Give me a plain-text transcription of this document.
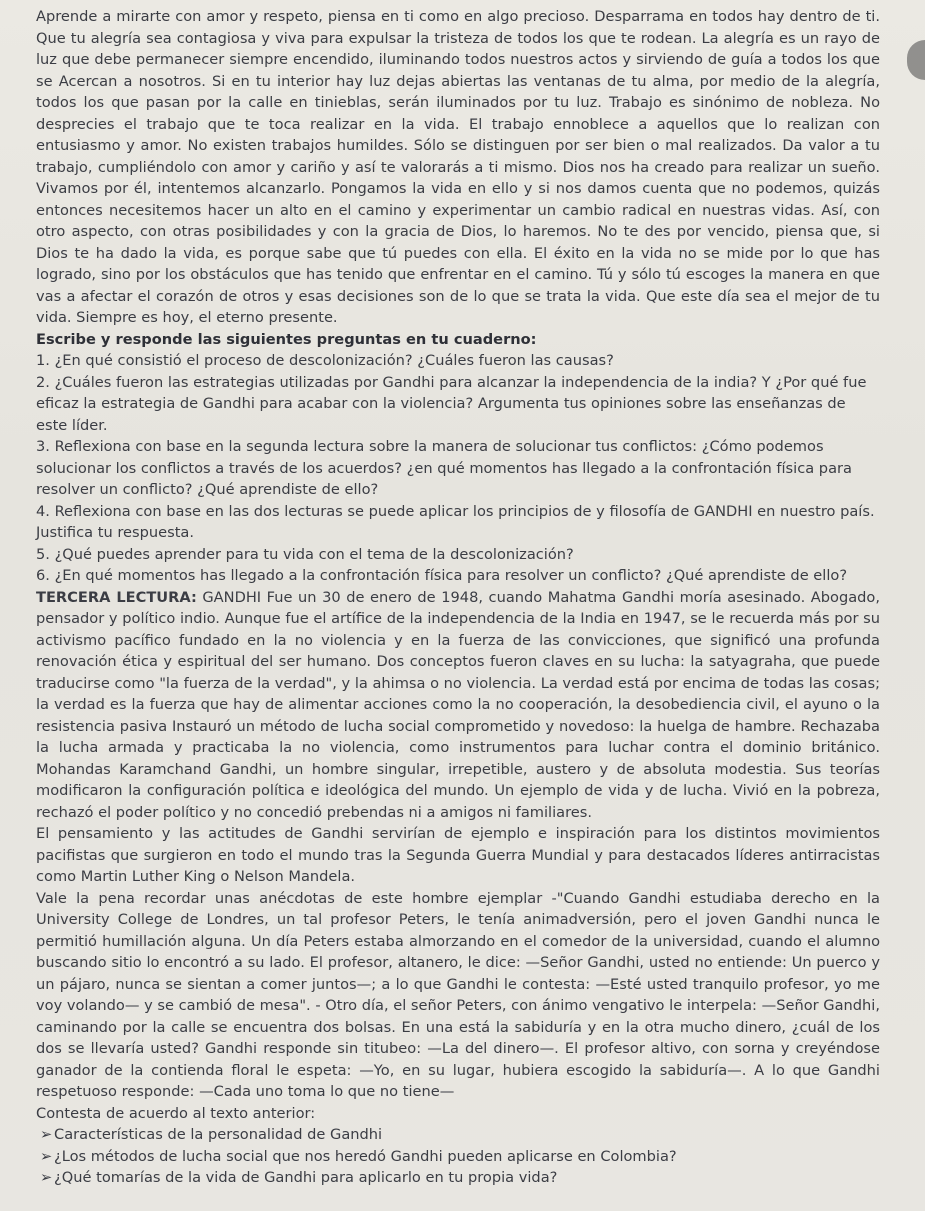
Aprende a mirarte con amor y respeto, piensa en ti como en algo precioso. Desparrama en todos hay dentro de ti. Que tu alegría sea contagiosa y viva para expulsar la tristeza de todos los que te rodean. La alegría es un rayo de luz que debe permanecer siempre encendido, iluminando todos nuestros actos y sirviendo de guía a todos los que se Acercan a nosotros. Si en tu interior hay luz dejas abiertas las ventanas de tu alma, por medio de la alegría, todos los que pasan por la calle en tinieblas, serán iluminados por tu luz. Trabajo es sinónimo de nobleza. No desprecies el trabajo que te toca realizar en la vida. El trabajo ennoblece a aquellos que lo realizan con entusiasmo y amor. No existen trabajos humildes. Sólo se distinguen por ser bien o mal realizados. Da valor a tu trabajo, cumpliéndolo con amor y cariño y así te valorarás a ti mismo. Dios nos ha creado para realizar un sueño. Vivamos por él, intentemos alcanzarlo. Pongamos la vida en ello y si nos damos cuenta que no podemos, quizás entonces necesitemos hacer un alto en el camino y experimentar un cambio radical en nuestras vidas. Así, con otro aspecto, con otras posibilidades y con la gracia de Dios, lo haremos. No te des por vencido, piensa que, si Dios te ha dado la vida, es porque sabe que tú puedes con ella. El éxito en la vida no se mide por lo que has logrado, sino por los obstáculos que has tenido que enfrentar en el camino. Tú y sólo tú escoges la manera en que vas a afectar el corazón de otros y esas decisiones son de lo que se trata la vida. Que este día sea el mejor de tu vida. Siempre es hoy, el eterno presente.

Escribe y responde las siguientes preguntas en tu cuaderno:

1. ¿En qué consistió el proceso de descolonización? ¿Cuáles fueron las causas?

2. ¿Cuáles fueron las estrategias utilizadas por Gandhi para alcanzar la independencia de la india? Y ¿Por qué fue eficaz la estrategia de Gandhi para acabar con la violencia? Argumenta tus opiniones sobre las enseñanzas de este líder.

3. Reflexiona con base en la segunda lectura sobre la manera de solucionar tus conflictos: ¿Cómo podemos solucionar los conflictos a través de los acuerdos? ¿en qué momentos has llegado a la confrontación física para resolver un conflicto? ¿Qué aprendiste de ello?

4. Reflexiona con base en las dos lecturas se puede aplicar los principios de y filosofía de GANDHI en nuestro país. Justifica tu respuesta.

5. ¿Qué puedes aprender para tu vida con el tema de la descolonización?

6. ¿En qué momentos has llegado a la confrontación física para resolver un conflicto? ¿Qué aprendiste de ello?

TERCERA LECTURA: GANDHI Fue un 30 de enero de 1948, cuando Mahatma Gandhi moría asesinado. Abogado, pensador y político indio. Aunque fue el artífice de la independencia de la India en 1947, se le recuerda más por su activismo pacífico fundado en la no violencia y en la fuerza de las convicciones, que significó una profunda renovación ética y espiritual del ser humano. Dos conceptos fueron claves en su lucha: la satyagraha, que puede traducirse como "la fuerza de la verdad", y la ahimsa o no violencia. La verdad está por encima de todas las cosas; la verdad es la fuerza que hay de alimentar acciones como la no cooperación, la desobediencia civil, el ayuno o la resistencia pasiva Instauró un método de lucha social comprometido y novedoso: la huelga de hambre. Rechazaba la lucha armada y practicaba la no violencia, como instrumentos para luchar contra el dominio británico. Mohandas Karamchand Gandhi, un hombre singular, irrepetible, austero y de absoluta modestia. Sus teorías modificaron la configuración política e ideológica del mundo. Un ejemplo de vida y de lucha. Vivió en la pobreza, rechazó el poder político y no concedió prebendas ni a amigos ni familiares.

El pensamiento y las actitudes de Gandhi servirían de ejemplo e inspiración para los distintos movimientos pacifistas que surgieron en todo el mundo tras la Segunda Guerra Mundial y para destacados líderes antirracistas como Martin Luther King o Nelson Mandela.

Vale la pena recordar unas anécdotas de este hombre ejemplar -"Cuando Gandhi estudiaba derecho en la University College de Londres, un tal profesor Peters, le tenía animadversión, pero el joven Gandhi nunca le permitió humillación alguna. Un día Peters estaba almorzando en el comedor de la universidad, cuando el alumno buscando sitio lo encontró a su lado. El profesor, altanero, le dice: —Señor Gandhi, usted no entiende: Un puerco y un pájaro, nunca se sientan a comer juntos—; a lo que Gandhi le contesta: —Esté usted tranquilo profesor, yo me voy volando— y se cambió de mesa". - Otro día, el señor Peters, con ánimo vengativo le interpela: —Señor Gandhi, caminando por la calle se encuentra dos bolsas. En una está la sabiduría y en la otra mucho dinero, ¿cuál de los dos se llevaría usted? Gandhi responde sin titubeo: —La del dinero—. El profesor altivo, con sorna y creyéndose ganador de la contienda floral le espeta: —Yo, en su lugar, hubiera escogido la sabiduría—. A lo que Gandhi respetuoso responde: —Cada uno toma lo que no tiene—

Contesta de acuerdo al texto anterior:

➢ Características de la personalidad de Gandhi
➢ ¿Los métodos de lucha social que nos heredó Gandhi pueden aplicarse en Colombia?
➢ ¿Qué tomarías de la vida de Gandhi para aplicarlo en tu propia vida?
